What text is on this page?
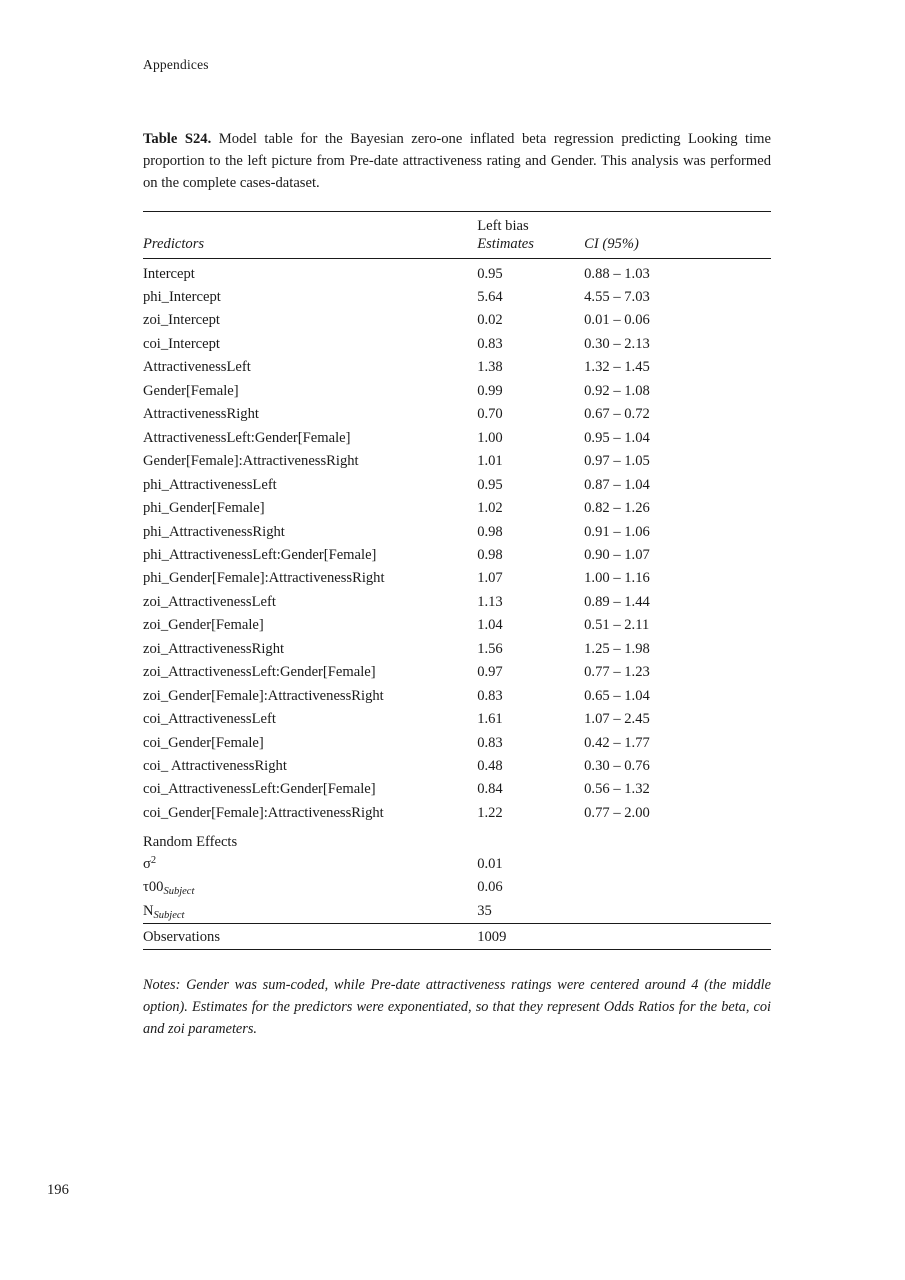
Appendices
Table S24. Model table for the Bayesian zero-one inflated beta regression predicting Looking time proportion to the left picture from Pre-date attractiveness rating and Gender. This analysis was performed on the complete cases-dataset.
	Left bias	
Predictors	Estimates	CI (95%)
Intercept	0.95	0.88 – 1.03
phi_Intercept	5.64	4.55 – 7.03
zoi_Intercept	0.02	0.01 – 0.06
coi_Intercept	0.83	0.30 – 2.13
AttractivenessLeft	1.38	1.32 – 1.45
Gender[Female]	0.99	0.92 – 1.08
AttractivenessRight	0.70	0.67 – 0.72
AttractivenessLeft:Gender[Female]	1.00	0.95 – 1.04
Gender[Female]:AttractivenessRight	1.01	0.97 – 1.05
phi_AttractivenessLeft	0.95	0.87 – 1.04
phi_Gender[Female]	1.02	0.82 – 1.26
phi_AttractivenessRight	0.98	0.91 – 1.06
phi_AttractivenessLeft:Gender[Female]	0.98	0.90 – 1.07
phi_Gender[Female]:AttractivenessRight	1.07	1.00 – 1.16
zoi_AttractivenessLeft	1.13	0.89 – 1.44
zoi_Gender[Female]	1.04	0.51 – 2.11
zoi_AttractivenessRight	1.56	1.25 – 1.98
zoi_AttractivenessLeft:Gender[Female]	0.97	0.77 – 1.23
zoi_Gender[Female]:AttractivenessRight	0.83	0.65 – 1.04
coi_AttractivenessLeft	1.61	1.07 – 2.45
coi_Gender[Female]	0.83	0.42 – 1.77
coi_ AttractivenessRight	0.48	0.30 – 0.76
coi_AttractivenessLeft:Gender[Female]	0.84	0.56 – 1.32
coi_Gender[Female]:AttractivenessRight	1.22	0.77 – 2.00
Random Effects		
$\sigma^2$	0.01	
$\tau 00_{Subject}$	0.06	
$N_{Subject}$	35	
Observations	1009	

Notes: Gender was sum-coded, while Pre-date attractiveness ratings were centered around 4 (the middle option). Estimates for the predictors were exponentiated, so that they represent Odds Ratios for the beta, coi and zoi parameters.
196
